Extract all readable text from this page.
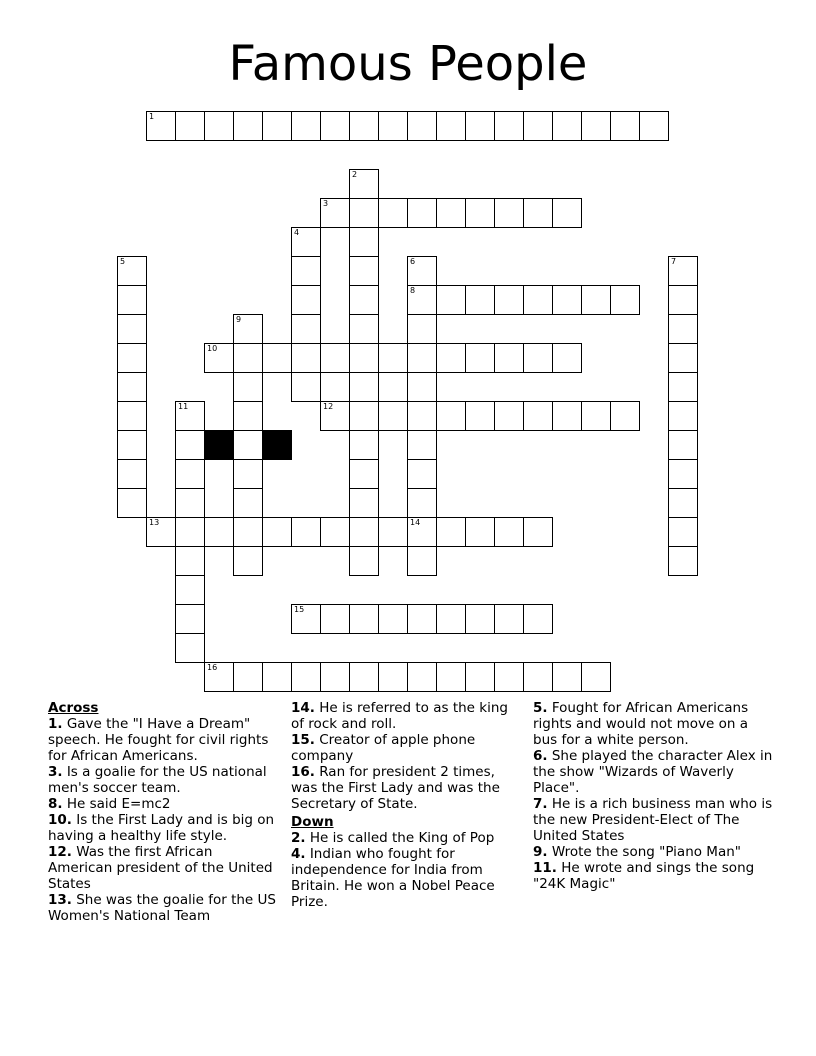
Famous People
1
2
3
4
5	6
8
14
7
9
10
11	12
13
15
16

Across

1. Gave the "I Have a Dream" speech. He fought for civil rights for African Americans.

3. Is a goalie for the US national men's soccer team.

8. He said E=mc2

10. Is the First Lady and is big on having a healthy life style.

12. Was the first African American president of the United States

13. She was the goalie for the US Women's National Team

14. He is referred to as the king of rock and roll.

15. Creator of apple phone company

16. Ran for president 2 times, was the First Lady and was the Secretary of State.

Down

2. He is called the King of Pop

4. Indian who fought for independence for India from Britain. He won a Nobel Peace Prize.

5. Fought for African Americans rights and would not move on a bus for a white person.

6. She played the character Alex in the show "Wizards of Waverly Place".

7. He is a rich business man who is the new President-Elect of The United States

9. Wrote the song "Piano Man"

11. He wrote and sings the song "24K Magic"
